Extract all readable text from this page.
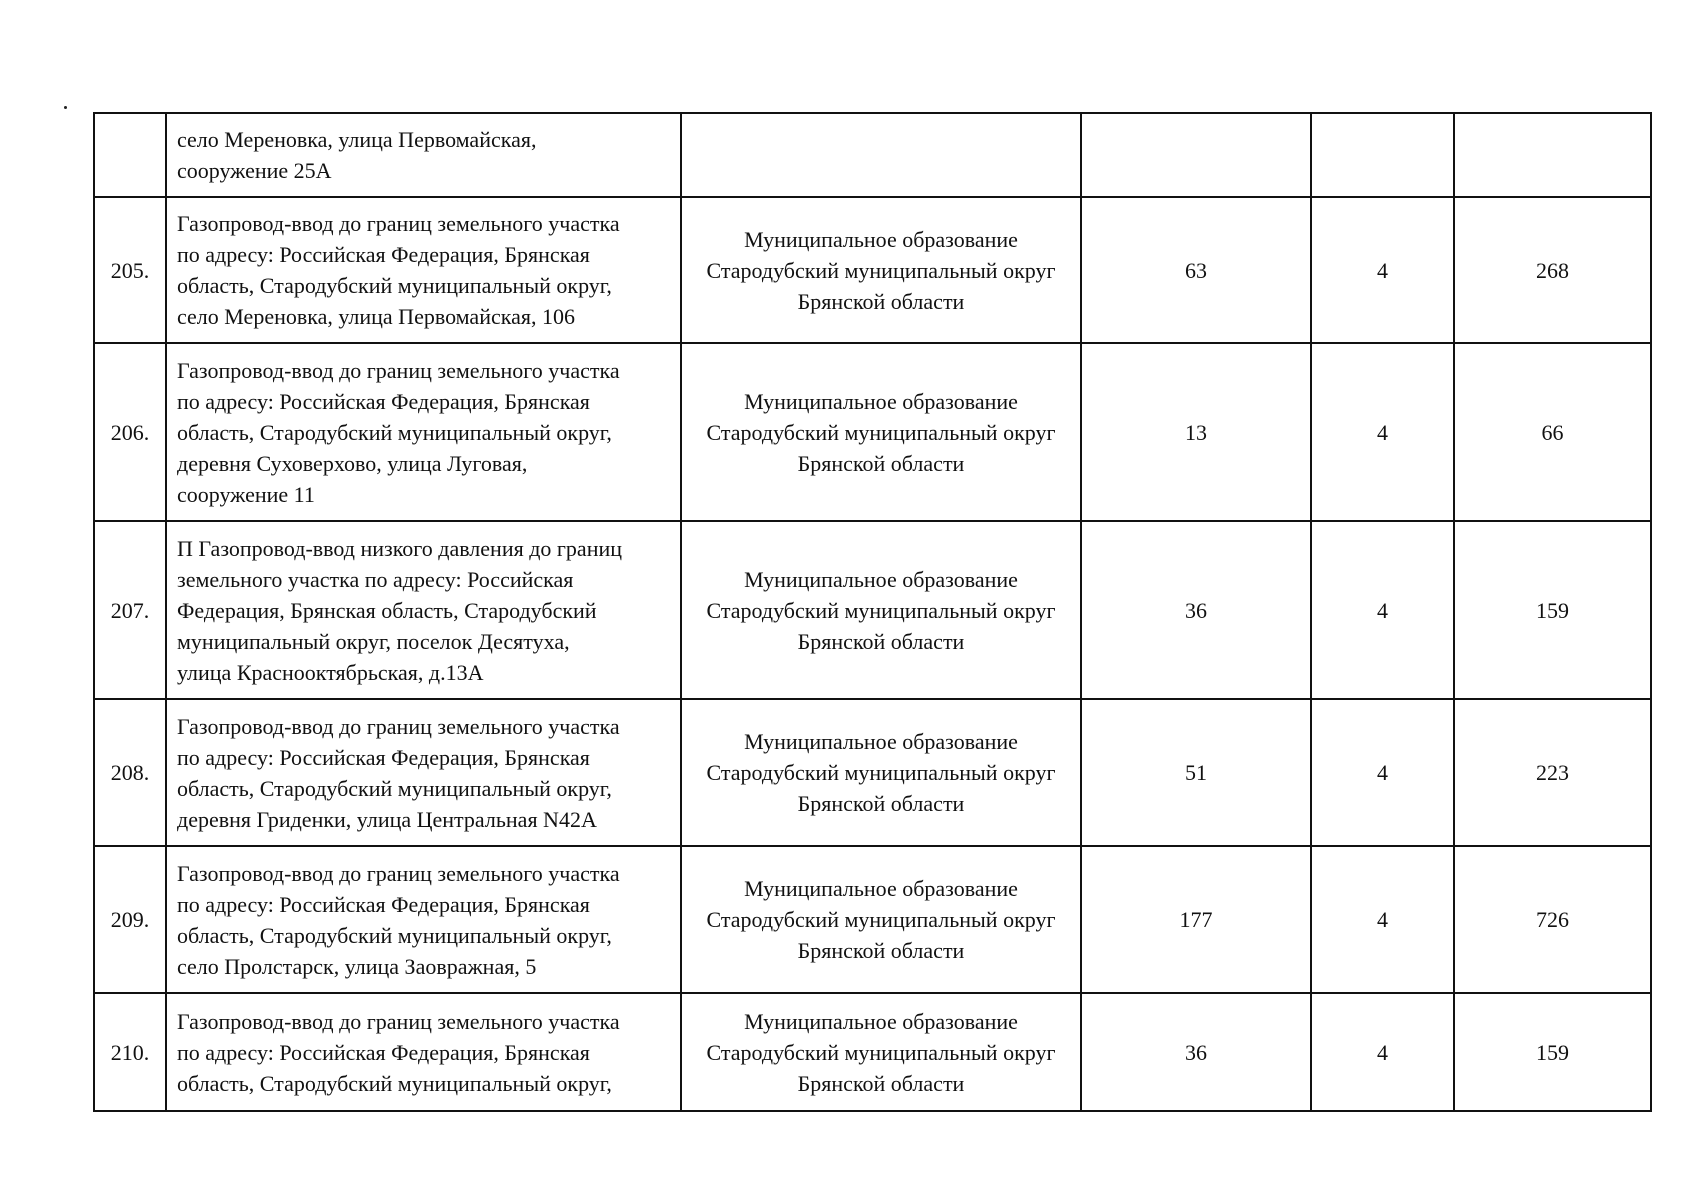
	село Мереновка, улица Первомайская,
сооружение 25А				

205.	Газопровод-ввод до границ земельного участка
по адресу: Российская Федерация, Брянская
область, Стародубский муниципальный округ,
село Мереновка, улица Первомайская, 106	Муниципальное образование
Стародубский муниципальный округ
Брянской области	63	4	268
206.	Газопровод-ввод до границ земельного участка
по адресу: Российская Федерация, Брянская
область, Стародубский муниципальный округ,
деревня Суховерхово, улица Луговая,
сооружение 11	Муниципальное образование
Стародубский муниципальный округ
Брянской области	13	4	66
207.	П Газопровод-ввод низкого давления до границ
земельного участка по адресу: Российская
Федерация, Брянская область, Стародубский
муниципальный округ, поселок Десятуха,
улица Краснооктябрьская, д.13А	Муниципальное образование
Стародубский муниципальный округ
Брянской области	36	4	159
208.	Газопровод-ввод до границ земельного участка
по адресу: Российская Федерация, Брянская
область, Стародубский муниципальный округ,
деревня Гриденки, улица Центральная N42А	Муниципальное образование
Стародубский муниципальный округ
Брянской области	51	4	223
209.	Газопровод-ввод до границ земельного участка
по адресу: Российская Федерация, Брянская
область, Стародубский муниципальный округ,
село Пролстарск, улица Заовражная, 5	Муниципальное образование
Стародубский муниципальный округ
Брянской области	177	4	726
210.	Газопровод-ввод до границ земельного участка
по адресу: Российская Федерация, Брянская
область, Стародубский муниципальный округ,	Муниципальное образование
Стародубский муниципальный округ
Брянской области	36	4	159
